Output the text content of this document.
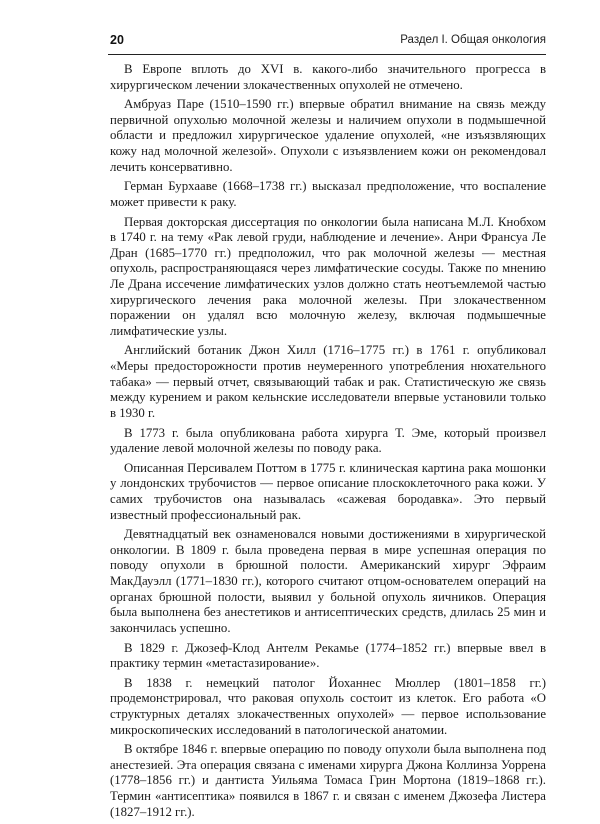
20	Раздел I. Общая онкология

В Европе вплоть до XVI в. какого-либо значительного прогресса в хирургическом лечении злокачественных опухолей не отмечено.

Амбруаз Паре (1510–1590 гг.) впервые обратил внимание на связь между первичной опухолью молочной железы и наличием опухоли в подмышечной области и предложил хирургическое удаление опухолей, «не изъязвляющих кожу над молочной железой». Опухоли с изъязвлением кожи он рекомендовал лечить консервативно.

Герман Бурхааве (1668–1738 гг.) высказал предположение, что воспаление может привести к раку.

Первая докторская диссертация по онкологии была написана М.Л. Кнобхом в 1740 г. на тему «Рак левой груди, наблюдение и лечение». Анри Франсуа Ле Дран (1685–1770 гг.) предположил, что рак молочной железы — местная опухоль, распространяющаяся через лимфатические сосуды. Также по мнению Ле Драна иссечение лимфатических узлов должно стать неотъемлемой частью хирургического лечения рака молочной железы. При злокачественном поражении он удалял всю молочную железу, включая подмышечные лимфатические узлы.

Английский ботаник Джон Хилл (1716–1775 гг.) в 1761 г. опубликовал «Меры предосторожности против неумеренного употребления нюхательного табака» — первый отчет, связывающий табак и рак. Статистическую же связь между курением и раком кельнские исследователи впервые установили только в 1930 г.

В 1773 г. была опубликована работа хирурга Т. Эме, который произвел удаление левой молочной железы по поводу рака.

Описанная Персивалем Поттом в 1775 г. клиническая картина рака мошонки у лондонских трубочистов — первое описание плоскоклеточного рака кожи. У самих трубочистов она называлась «сажевая бородавка». Это первый известный профессиональный рак.

Девятнадцатый век ознаменовался новыми достижениями в хирургической онкологии. В 1809 г. была проведена первая в мире успешная операция по поводу опухоли в брюшной полости. Американский хирург Эфраим МакДауэлл (1771–1830 гг.), которого считают отцом-основателем операций на органах брюшной полости, выявил у больной опухоль яичников. Операция была выполнена без анестетиков и антисептических средств, длилась 25 мин и закончилась успешно.

В 1829 г. Джозеф-Клод Антелм Рекамье (1774–1852 гг.) впервые ввел в практику термин «метастазирование».

В 1838 г. немецкий патолог Йоханнес Мюллер (1801–1858 гг.) продемонстрировал, что раковая опухоль состоит из клеток. Его работа «О структурных деталях злокачественных опухолей» — первое использование микроскопических исследований в патологической анатомии.

В октябре 1846 г. впервые операцию по поводу опухоли была выполнена под анестезией. Эта операция связана с именами хирурга Джона Коллинза Уоррена (1778–1856 гг.) и дантиста Уильяма Томаса Грин Мортона (1819–1868 гг.). Термин «антисептика» появился в 1867 г. и связан с именем Джозефа Листера (1827–1912 гг.).
